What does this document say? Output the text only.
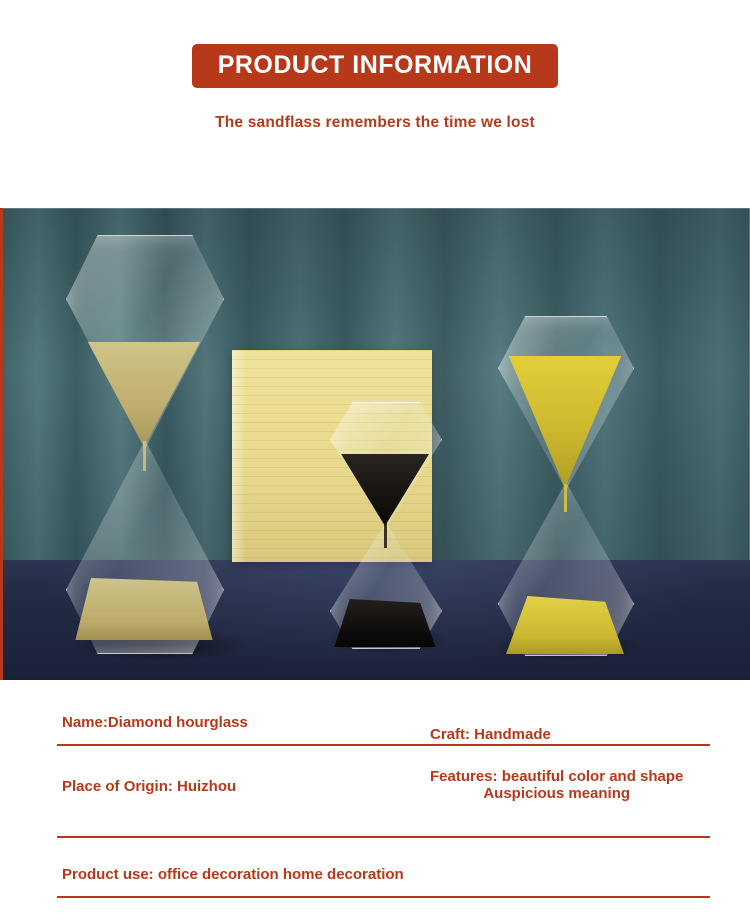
PRODUCT INFORMATION
The sandflass remembers the time we lost
Name:Diamond hourglass
Craft: Handmade
Place of Origin: Huizhou
Features: beautiful color and shape
Auspicious meaning
Product use: office decoration home decoration
